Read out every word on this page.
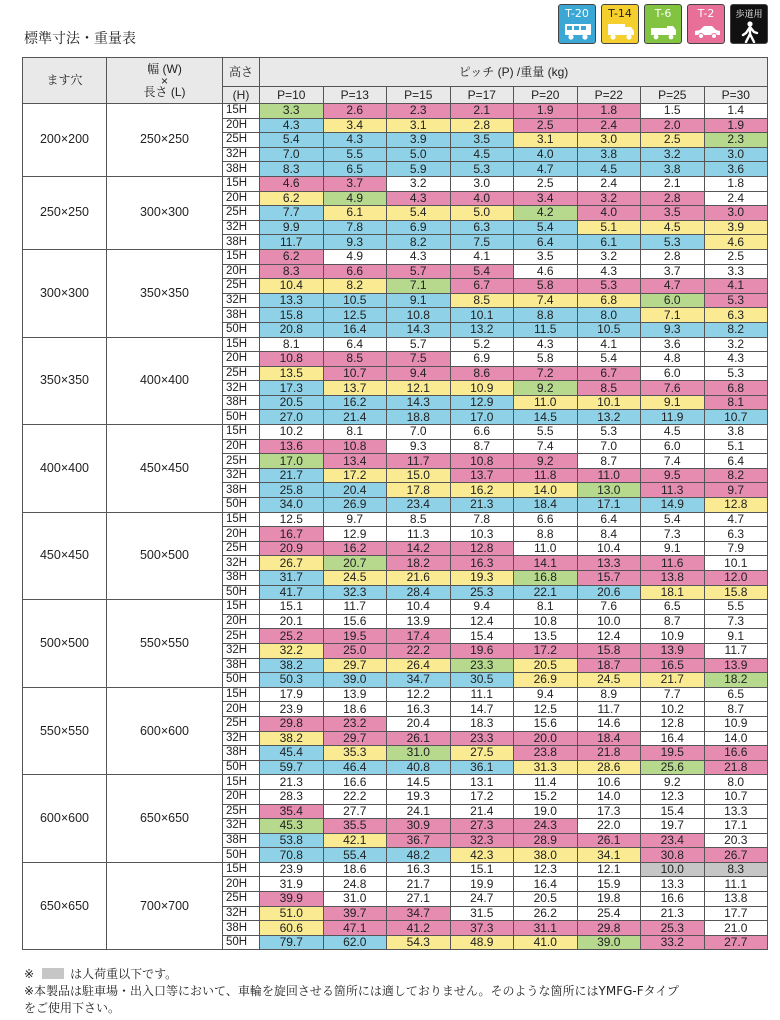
標準寸法・重量表
T-20	T-14	T-6	T-2	歩道用
ます穴	幅 (W)
×
長さ (L)	高さ	ピッチ (P) /重量 (kg)							
		(H)	P=10	P=13	P=15	P=17	P=20	P=22	P=25	P=30
200×200	250×250	15H	3.3	2.6	2.3	2.1	1.9	1.8	1.5	1.4
		20H	4.3	3.4	3.1	2.8	2.5	2.4	2.0	1.9
		25H	5.4	4.3	3.9	3.5	3.1	3.0	2.5	2.3
		32H	7.0	5.5	5.0	4.5	4.0	3.8	3.2	3.0
		38H	8.3	6.5	5.9	5.3	4.7	4.5	3.8	3.6
250×250	300×300	15H	4.6	3.7	3.2	3.0	2.5	2.4	2.1	1.8
		20H	6.2	4.9	4.3	4.0	3.4	3.2	2.8	2.4
		25H	7.7	6.1	5.4	5.0	4.2	4.0	3.5	3.0
		32H	9.9	7.8	6.9	6.3	5.4	5.1	4.5	3.9
		38H	11.7	9.3	8.2	7.5	6.4	6.1	5.3	4.6
300×300	350×350	15H	6.2	4.9	4.3	4.1	3.5	3.2	2.8	2.5
		20H	8.3	6.6	5.7	5.4	4.6	4.3	3.7	3.3
		25H	10.4	8.2	7.1	6.7	5.8	5.3	4.7	4.1
		32H	13.3	10.5	9.1	8.5	7.4	6.8	6.0	5.3
		38H	15.8	12.5	10.8	10.1	8.8	8.0	7.1	6.3
		50H	20.8	16.4	14.3	13.2	11.5	10.5	9.3	8.2
350×350	400×400	15H	8.1	6.4	5.7	5.2	4.3	4.1	3.6	3.2
		20H	10.8	8.5	7.5	6.9	5.8	5.4	4.8	4.3
		25H	13.5	10.7	9.4	8.6	7.2	6.7	6.0	5.3
		32H	17.3	13.7	12.1	10.9	9.2	8.5	7.6	6.8
		38H	20.5	16.2	14.3	12.9	11.0	10.1	9.1	8.1
		50H	27.0	21.4	18.8	17.0	14.5	13.2	11.9	10.7
400×400	450×450	15H	10.2	8.1	7.0	6.6	5.5	5.3	4.5	3.8
		20H	13.6	10.8	9.3	8.7	7.4	7.0	6.0	5.1
		25H	17.0	13.4	11.7	10.8	9.2	8.7	7.4	6.4
		32H	21.7	17.2	15.0	13.7	11.8	11.0	9.5	8.2
		38H	25.8	20.4	17.8	16.2	14.0	13.0	11.3	9.7
		50H	34.0	26.9	23.4	21.3	18.4	17.1	14.9	12.8
450×450	500×500	15H	12.5	9.7	8.5	7.8	6.6	6.4	5.4	4.7
		20H	16.7	12.9	11.3	10.3	8.8	8.4	7.3	6.3
		25H	20.9	16.2	14.2	12.8	11.0	10.4	9.1	7.9
		32H	26.7	20.7	18.2	16.3	14.1	13.3	11.6	10.1
		38H	31.7	24.5	21.6	19.3	16.8	15.7	13.8	12.0
		50H	41.7	32.3	28.4	25.3	22.1	20.6	18.1	15.8
500×500	550×550	15H	15.1	11.7	10.4	9.4	8.1	7.6	6.5	5.5
		20H	20.1	15.6	13.9	12.4	10.8	10.0	8.7	7.3
		25H	25.2	19.5	17.4	15.4	13.5	12.4	10.9	9.1
		32H	32.2	25.0	22.2	19.6	17.2	15.8	13.9	11.7
		38H	38.2	29.7	26.4	23.3	20.5	18.7	16.5	13.9
		50H	50.3	39.0	34.7	30.5	26.9	24.5	21.7	18.2
550×550	600×600	15H	17.9	13.9	12.2	11.1	9.4	8.9	7.7	6.5
		20H	23.9	18.6	16.3	14.7	12.5	11.7	10.2	8.7
		25H	29.8	23.2	20.4	18.3	15.6	14.6	12.8	10.9
		32H	38.2	29.7	26.1	23.3	20.0	18.4	16.4	14.0
		38H	45.4	35.3	31.0	27.5	23.8	21.8	19.5	16.6
		50H	59.7	46.4	40.8	36.1	31.3	28.6	25.6	21.8
600×600	650×650	15H	21.3	16.6	14.5	13.1	11.4	10.6	9.2	8.0
		20H	28.3	22.2	19.3	17.2	15.2	14.0	12.3	10.7
		25H	35.4	27.7	24.1	21.4	19.0	17.3	15.4	13.3
		32H	45.3	35.5	30.9	27.3	24.3	22.0	19.7	17.1
		38H	53.8	42.1	36.7	32.3	28.9	26.1	23.4	20.3
		50H	70.8	55.4	48.2	42.3	38.0	34.1	30.8	26.7
650×650	700×700	15H	23.9	18.6	16.3	15.1	12.3	12.1	10.0	8.3
		20H	31.9	24.8	21.7	19.9	16.4	15.9	13.3	11.1
		25H	39.9	31.0	27.1	24.7	20.5	19.8	16.6	13.8
		32H	51.0	39.7	34.7	31.5	26.2	25.4	21.3	17.7
		38H	60.6	47.1	41.2	37.3	31.1	29.8	25.3	21.0
		50H	79.7	62.0	54.3	48.9	41.0	39.0	33.2	27.7
※	は人荷重以下です。
※本製品は駐車場・出入口等において、車輪を旋回させる箇所には適しておりません。そのような箇所にはYMFG-Fタイプ
をご使用下さい。
